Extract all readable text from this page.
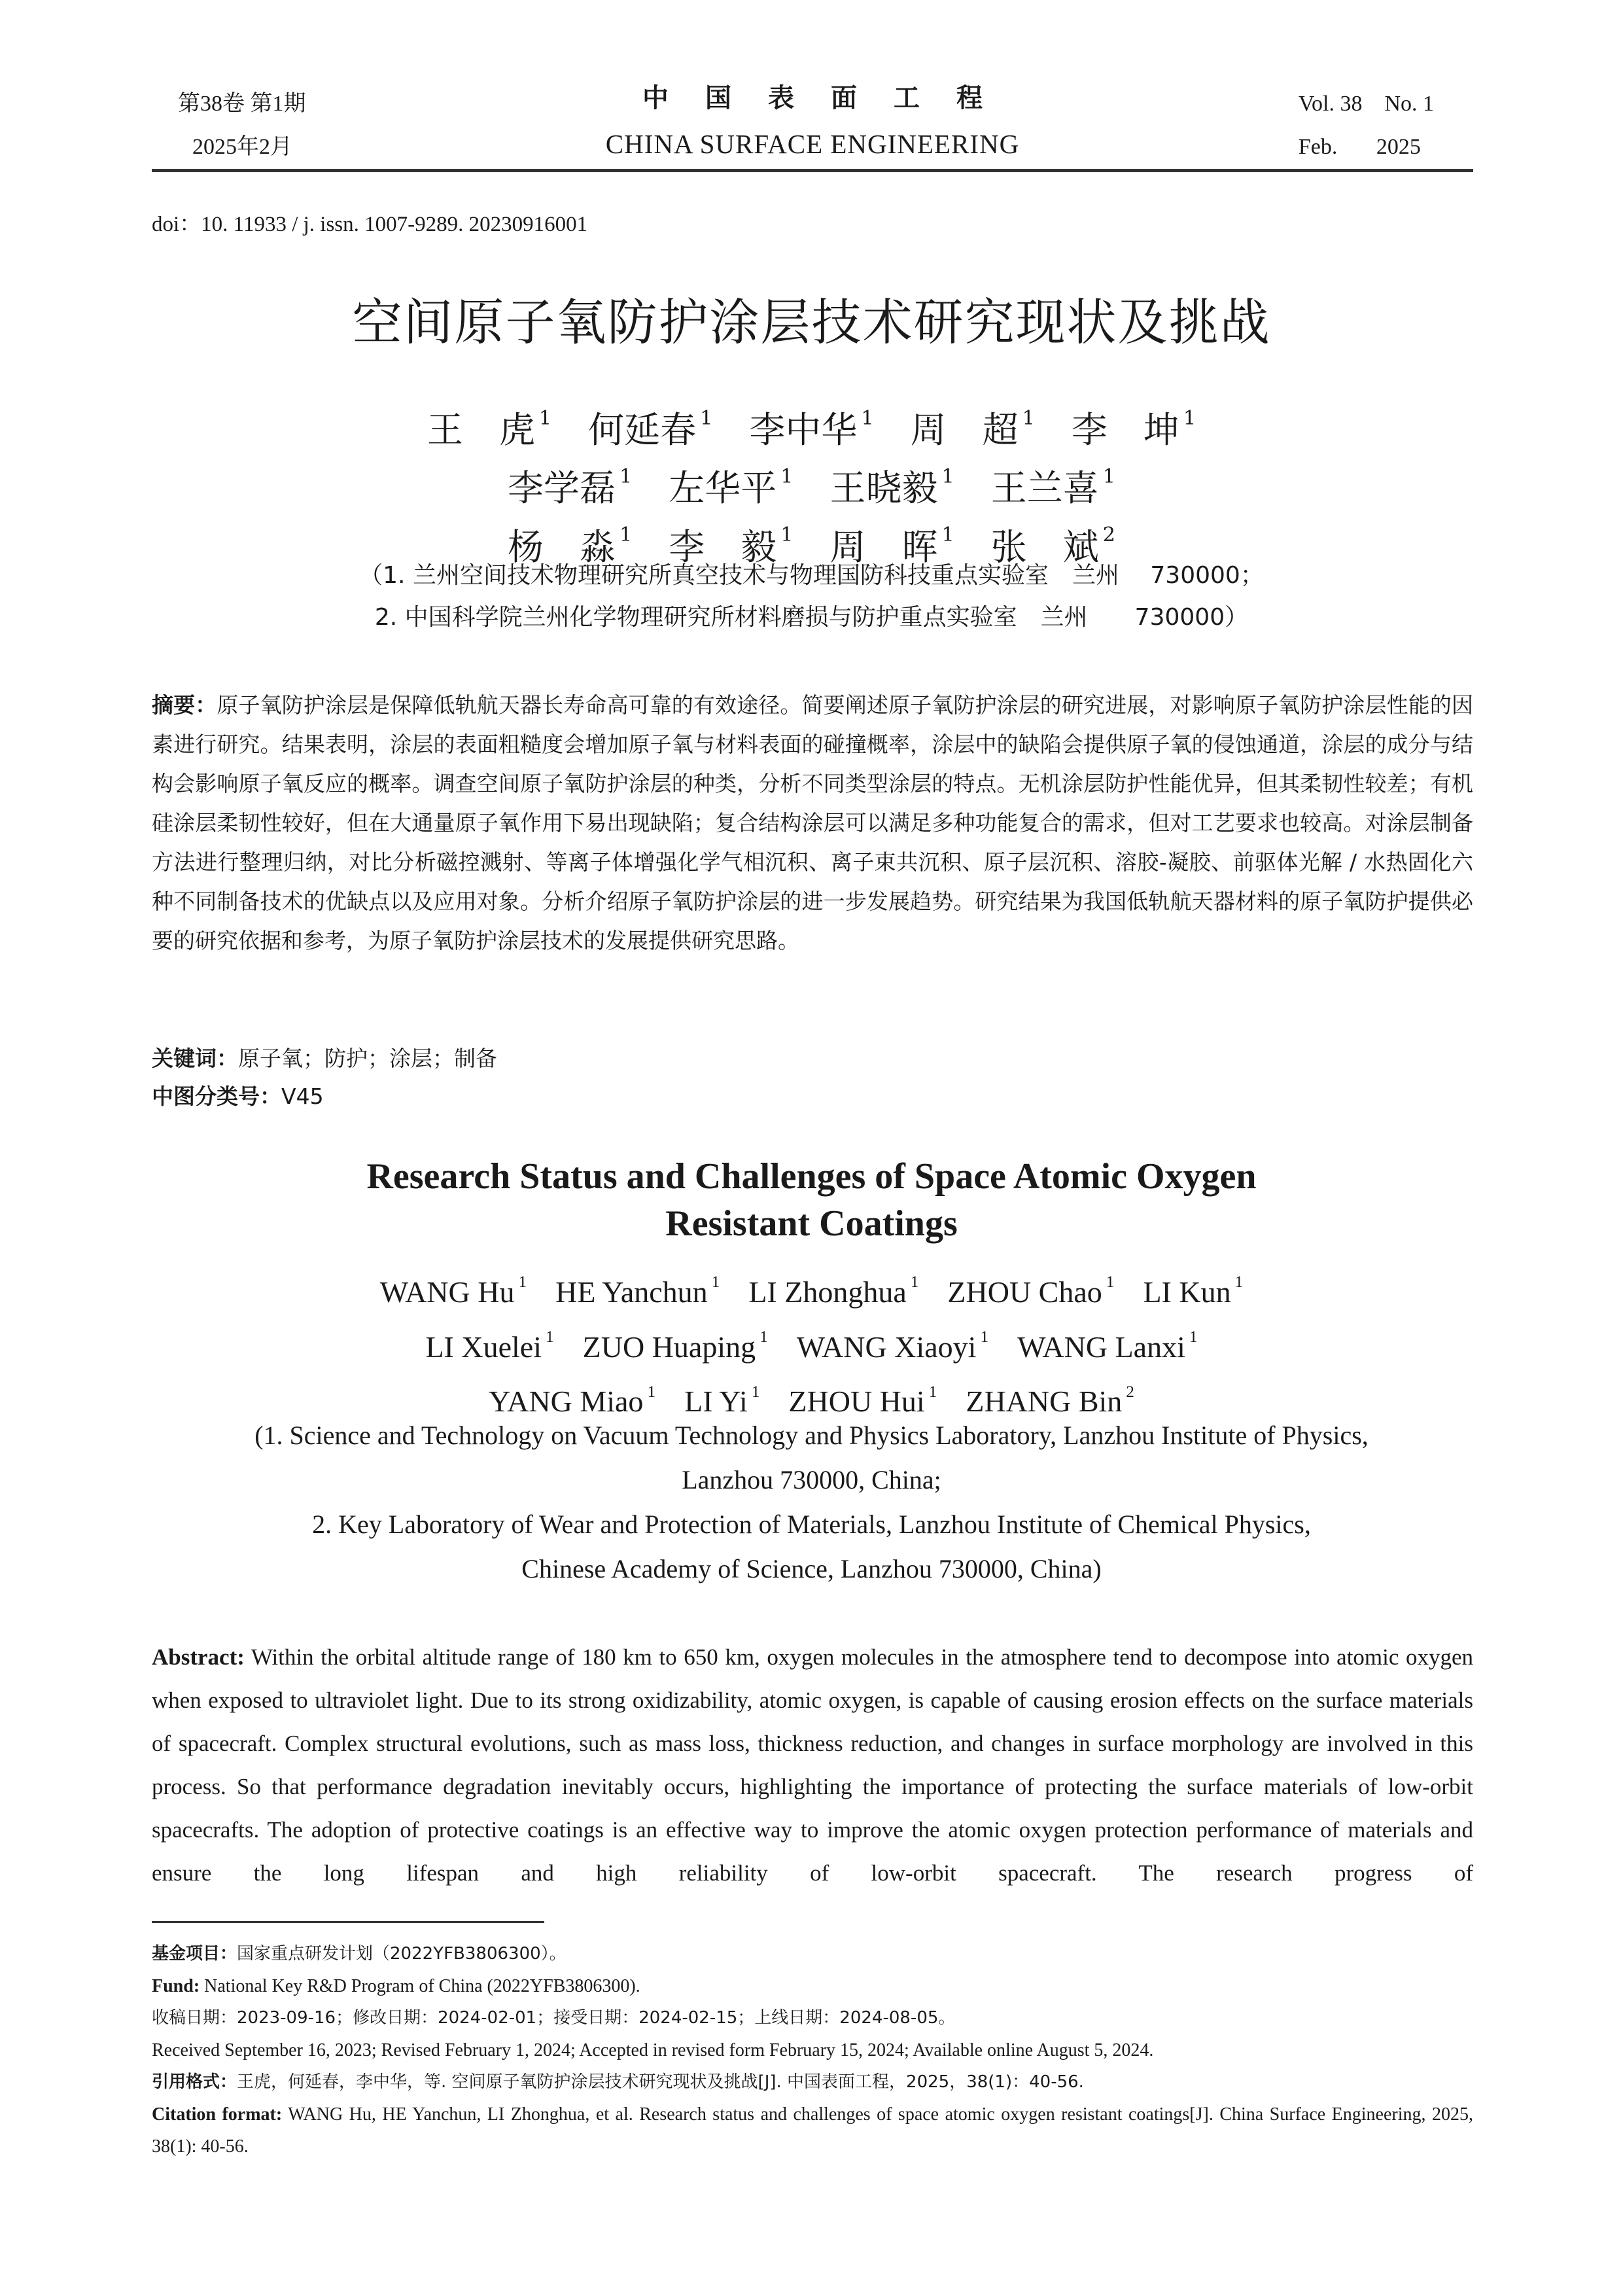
第38卷 第1期
2025年2月
中国表面工程
CHINA SURFACE ENGINEERING
Vol. 38    No. 1
Feb.       2025
doi：10. 11933 / j. issn. 1007-9289. 20230916001
空间原子氧防护涂层技术研究现状及挑战
王　虎 $^1$ 何延春 $^1$ 李中华 $^1$ 周　超 $^1$ 李　坤 $^1$
李学磊 $^1$ 左华平 $^1$ 王晓毅 $^1$ 王兰喜 $^1$
杨　淼 $^1$ 李　毅 $^1$ 周　晖 $^1$ 张　斌 $^2$
（1. 兰州空间技术物理研究所真空技术与物理国防科技重点实验室　兰州　 730000；
2. 中国科学院兰州化学物理研究所材料磨损与防护重点实验室　兰州　　730000）
摘要：原子氧防护涂层是保障低轨航天器长寿命高可靠的有效途径。简要阐述原子氧防护涂层的研究进展，对影响原子氧防护涂层性能的因素进行研究。结果表明，涂层的表面粗糙度会增加原子氧与材料表面的碰撞概率，涂层中的缺陷会提供原子氧的侵蚀通道，涂层的成分与结构会影响原子氧反应的概率。调查空间原子氧防护涂层的种类，分析不同类型涂层的特点。无机涂层防护性能优异，但其柔韧性较差；有机硅涂层柔韧性较好，但在大通量原子氧作用下易出现缺陷；复合结构涂层可以满足多种功能复合的需求，但对工艺要求也较高。对涂层制备方法进行整理归纳，对比分析磁控溅射、等离子体增强化学气相沉积、离子束共沉积、原子层沉积、溶胶-凝胶、前驱体光解 / 水热固化六种不同制备技术的优缺点以及应用对象。分析介绍原子氧防护涂层的进一步发展趋势。研究结果为我国低轨航天器材料的原子氧防护提供必要的研究依据和参考，为原子氧防护涂层技术的发展提供研究思路。
关键词：原子氧；防护；涂层；制备
中图分类号：V45
Research Status and Challenges of Space Atomic Oxygen
Resistant Coatings
WANG Hu $^1$ HE Yanchun $^1$ LI Zhonghua $^1$ ZHOU Chao $^1$ LI Kun $^1$
LI Xuelei $^1$ ZUO Huaping $^1$ WANG Xiaoyi $^1$ WANG Lanxi $^1$
YANG Miao $^1$ LI Yi $^1$ ZHOU Hui $^1$ ZHANG Bin $^2$
(1. Science and Technology on Vacuum Technology and Physics Laboratory, Lanzhou Institute of Physics,
Lanzhou 730000, China;
2. Key Laboratory of Wear and Protection of Materials, Lanzhou Institute of Chemical Physics,
Chinese Academy of Science, Lanzhou 730000, China)
Abstract: Within the orbital altitude range of 180 km to 650 km, oxygen molecules in the atmosphere tend to decompose into atomic oxygen when exposed to ultraviolet light. Due to its strong oxidizability, atomic oxygen, is capable of causing erosion effects on the surface materials of spacecraft. Complex structural evolutions, such as mass loss, thickness reduction, and changes in surface morphology are involved in this process. So that performance degradation inevitably occurs, highlighting the importance of protecting the surface materials of low-orbit spacecrafts. The adoption of protective coatings is an effective way to improve the atomic oxygen protection performance of materials and ensure the long lifespan and high reliability of low-orbit spacecraft. The research progress of
基金项目：国家重点研发计划（2022YFB3806300）。
Fund: National Key R&D Program of China (2022YFB3806300).
收稿日期：2023-09-16；修改日期：2024-02-01；接受日期：2024-02-15；上线日期：2024-08-05。
Received September 16, 2023; Revised February 1, 2024; Accepted in revised form February 15, 2024; Available online August 5, 2024.
引用格式：王虎，何延春，李中华，等. 空间原子氧防护涂层技术研究现状及挑战[J]. 中国表面工程，2025，38(1)：40-56.
Citation format: WANG Hu, HE Yanchun, LI Zhonghua, et al. Research status and challenges of space atomic oxygen resistant coatings[J]. China Surface Engineering, 2025, 38(1): 40-56.
